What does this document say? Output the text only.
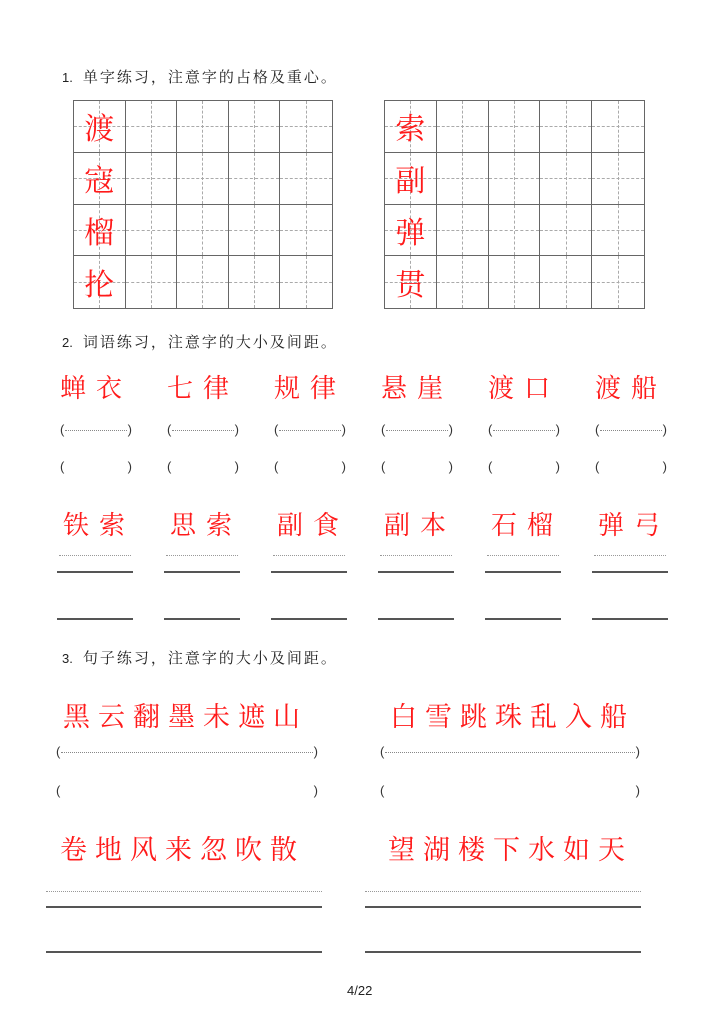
1. 单字练习，注意字的占格及重心。
渡
寇
榴
抡
索
副
弹
贯
2. 词语练习，注意字的大小及间距。
蝉衣
(	)
(	)
铁索
七律
(	)
(	)
思索
规律
(	)
(	)
副食
悬崖
(	)
(	)
副本
渡口
(	)
(	)
石榴
渡船
(	)
(	)
弹弓
3. 句子练习，注意字的大小及间距。
黑云翻墨未遮山	白雪跳珠乱入船
(	)	(	)
(	)	(	)
卷地风来忽吹散	望湖楼下水如天
4/22
